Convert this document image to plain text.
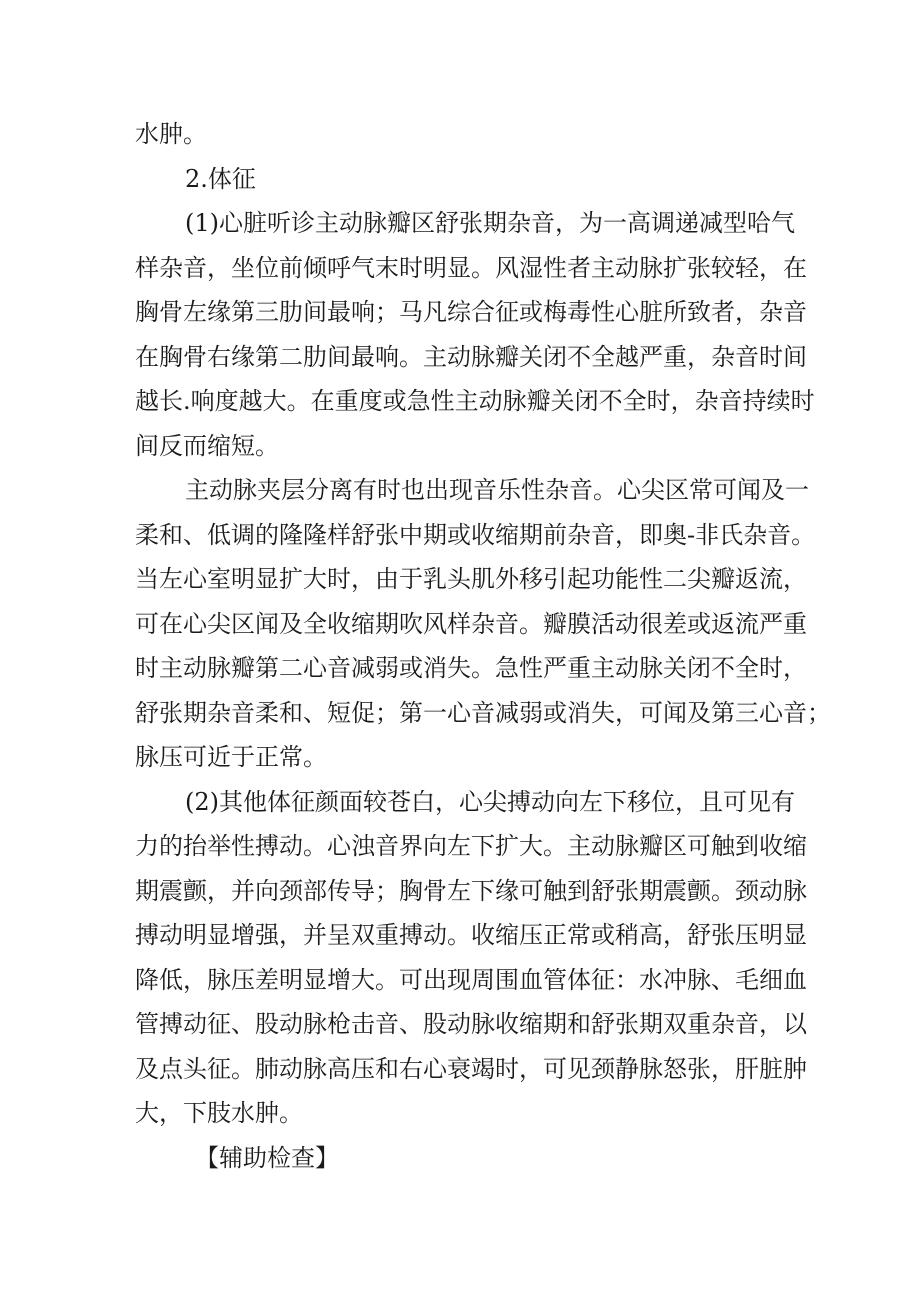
水肿。
2.体征
(1)心脏听诊主动脉瓣区舒张期杂音，为一高调递减型哈气
样杂音，坐位前倾呼气末时明显。风湿性者主动脉扩张较轻，在
胸骨左缘第三肋间最响；马凡综合征或梅毒性心脏所致者，杂音
在胸骨右缘第二肋间最响。主动脉瓣关闭不全越严重，杂音时间
越长.响度越大。在重度或急性主动脉瓣关闭不全时，杂音持续时
间反而缩短。
主动脉夹层分离有时也出现音乐性杂音。心尖区常可闻及一
柔和、低调的隆隆样舒张中期或收缩期前杂音，即奥-非氏杂音。
当左心室明显扩大时，由于乳头肌外移引起功能性二尖瓣返流，
可在心尖区闻及全收缩期吹风样杂音。瓣膜活动很差或返流严重
时主动脉瓣第二心音减弱或消失。急性严重主动脉关闭不全时，
舒张期杂音柔和、短促；第一心音减弱或消失，可闻及第三心音；
脉压可近于正常。
(2)其他体征颜面较苍白，心尖搏动向左下移位，且可见有
力的抬举性搏动。心浊音界向左下扩大。主动脉瓣区可触到收缩
期震颤，并向颈部传导；胸骨左下缘可触到舒张期震颤。颈动脉
搏动明显增强，并呈双重搏动。收缩压正常或稍高，舒张压明显
降低，脉压差明显增大。可出现周围血管体征：水冲脉、毛细血
管搏动征、股动脉枪击音、股动脉收缩期和舒张期双重杂音，以
及点头征。肺动脉高压和右心衰竭时，可见颈静脉怒张，肝脏肿
大，下肢水肿。
【辅助检查】
